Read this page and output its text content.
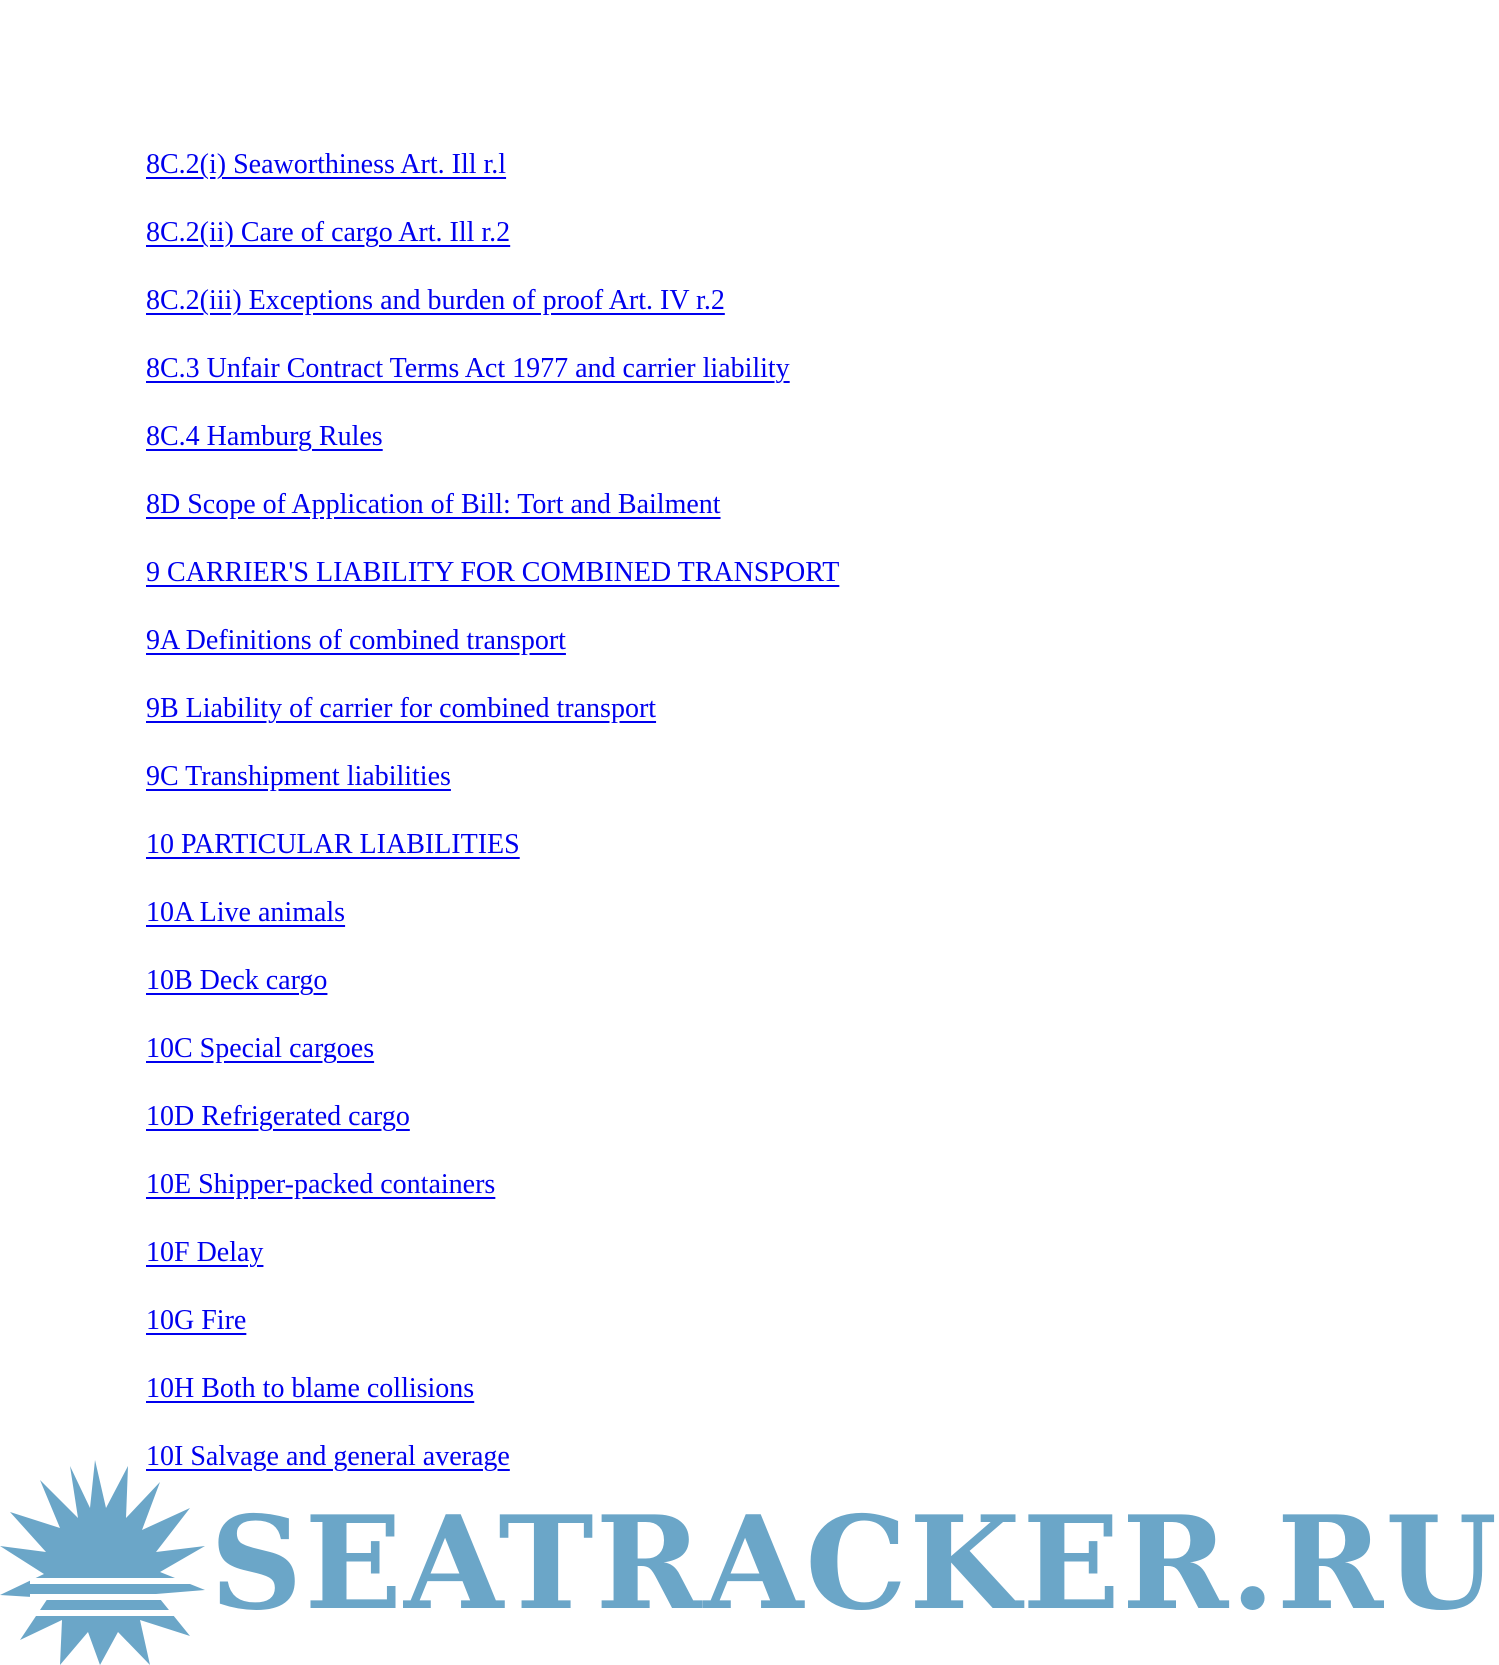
8C.2(i) Seaworthiness Art. Ill r.l
8C.2(ii) Care of cargo Art. Ill r.2
8C.2(iii) Exceptions and burden of proof Art. IV r.2
8C.3 Unfair Contract Terms Act 1977 and carrier liability
8C.4 Hamburg Rules
8D Scope of Application of Bill: Tort and Bailment
9 CARRIER'S LIABILITY FOR COMBINED TRANSPORT
9A Definitions of combined transport
9B Liability of carrier for combined transport
9C Transhipment liabilities
10 PARTICULAR LIABILITIES
10A Live animals
10B Deck cargo
10C Special cargoes
10D Refrigerated cargo
10E Shipper-packed containers
10F Delay
10G Fire
10H Both to blame collisions
10I Salvage and general average
SEATRACKER.RU
